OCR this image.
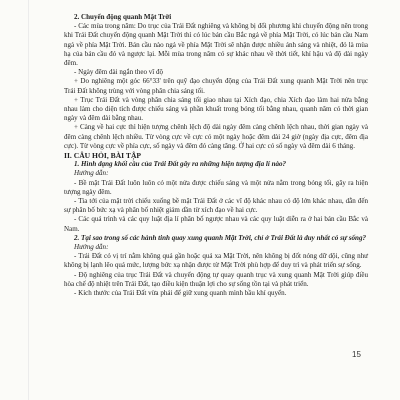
2. Chuyển động quanh Mặt Trời

- Các mùa trong năm: Do trục của Trái Đất nghiêng và không bị đổi phương khi chuyển động nên trong khi Trái Đất chuyển động quanh Mặt Trời thì có lúc bán cầu Bắc ngả về phía Mặt Trời, có lúc bán cầu Nam ngả về phía Mặt Trời. Bán cầu nào ngả về phía Mặt Trời sẽ nhận được nhiều ánh sáng và nhiệt, đó là mùa hạ của bán cầu đó và ngược lại. Mỗi mùa trong năm có sự khác nhau về thời tiết, khí hậu và độ dài ngày đêm.

- Ngày đêm dài ngắn theo vĩ độ

+ Do nghiêng một góc 66°33' trên quỹ đạo chuyển động của Trái Đất xung quanh Mặt Trời nên trục Trái Đất không trùng với vòng phân chia sáng tối.

+ Trục Trái Đất và vòng phân chia sáng tối giao nhau tại Xích đạo, chia Xích đạo làm hai nửa bằng nhau làm cho diện tích được chiếu sáng và phần khuất trong bóng tối bằng nhau, quanh năm có thời gian ngày và đêm dài bằng nhau.

+ Càng về hai cực thì hiện tượng chênh lệch độ dài ngày đêm càng chênh lệch nhau, thời gian ngày và đêm càng chênh lệch nhiều. Từ vòng cực về cực có một ngày hoặc đêm dài 24 giờ (ngày địa cực, đêm địa cực). Từ vòng cực về phía cực, số ngày và đêm đó càng tăng. Ở hai cực có số ngày và đêm dài 6 tháng.

II. CÂU HỎI, BÀI TẬP

1. Hình dạng khối cầu của Trái Đất gây ra những hiện tượng địa lí nào?

Hướng dẫn:

- Bề mặt Trái Đất luôn luôn có một nửa được chiếu sáng và một nửa nằm trong bóng tối, gây ra hiện tượng ngày đêm.

- Tia tới của mặt trời chiếu xuống bề mặt Trái Đất ở các vĩ độ khác nhau có độ lớn khác nhau, dẫn đến sự phân bố bức xạ và phân bố nhiệt giảm dần từ xích đạo về hai cực.

- Các quá trình và các quy luật địa lí phân bố ngược nhau và các quy luật diễn ra ở hai bán cầu Bắc và Nam.

2. Tại sao trong số các hành tinh quay xung quanh Mặt Trời, chỉ ở Trái Đất là duy nhất có sự sống?

Hướng dẫn:

- Trái Đất có vị trí nằm không quá gần hoặc quá xa Mặt Trời, nên không bị đốt nóng dữ dội, cũng như không bị lạnh lẽo quá mức, lượng bức xạ nhận được từ Mặt Trời phù hợp để duy trì và phát triển sự sống.

- Độ nghiêng của trục Trái Đất và chuyển động tự quay quanh trục và xung quanh Mặt Trời giúp điều hòa chế độ nhiệt trên Trái Đất, tạo điều kiện thuận lợi cho sự sống tồn tại và phát triển.

- Kích thước của Trái Đất vừa phải để giữ xung quanh mình bầu khí quyển.

15
